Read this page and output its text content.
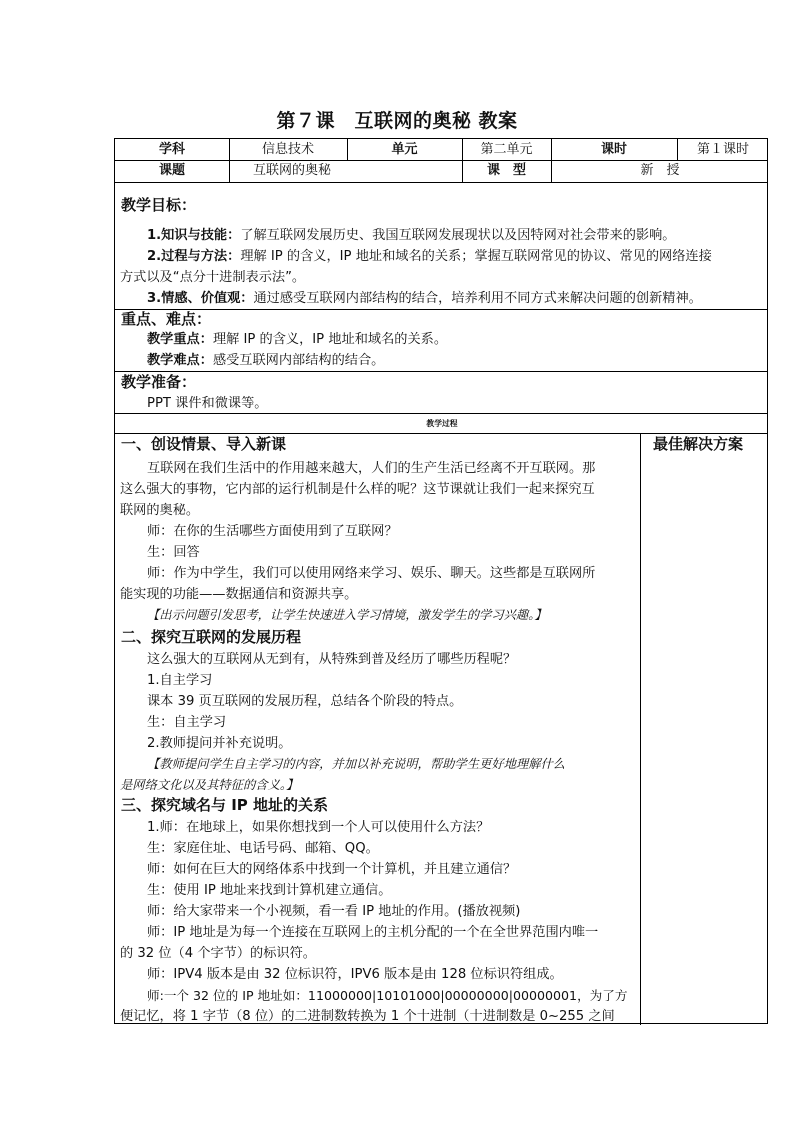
第７课　互联网的奥秘 教案
学科	信息技术	单元	第二单元	课时	第１课时
课题	互联网的奥秘	课　型	新　授
教学目标：
1.知识与技能：了解互联网发展历史、我国互联网发展现状以及因特网对社会带来的影响。
2.过程与方法：理解 IP 的含义，IP 地址和域名的关系；掌握互联网常见的协议、常见的网络连接
方式以及“点分十进制表示法”。
3.情感、价值观：通过感受互联网内部结构的结合，培养利用不同方式来解决问题的创新精神。
重点、难点：
教学重点：理解 IP 的含义，IP 地址和域名的关系。
教学难点：感受互联网内部结构的结合。
教学准备：
PPT 课件和微课等。
教学过程
最佳解决方案
一、创设情景、导入新课
互联网在我们生活中的作用越来越大，人们的生产生活已经离不开互联网。那
这么强大的事物，它内部的运行机制是什么样的呢？这节课就让我们一起来探究互
联网的奥秘。
师：在你的生活哪些方面使用到了互联网？
生：回答
师：作为中学生，我们可以使用网络来学习、娱乐、聊天。这些都是互联网所
能实现的功能——数据通信和资源共享。
【出示问题引发思考，让学生快速进入学习情境，激发学生的学习兴趣。】
二、探究互联网的发展历程
这么强大的互联网从无到有，从特殊到普及经历了哪些历程呢？
1.自主学习
课本 39 页互联网的发展历程，总结各个阶段的特点。
生：自主学习
2.教师提问并补充说明。
【教师提问学生自主学习的内容，并加以补充说明，帮助学生更好地理解什么
是网络文化以及其特征的含义。】
三、探究域名与 IP 地址的关系
1.师：在地球上，如果你想找到一个人可以使用什么方法？
生：家庭住址、电话号码、邮箱、QQ。
师：如何在巨大的网络体系中找到一个计算机，并且建立通信？
生：使用 IP 地址来找到计算机建立通信。
师：给大家带来一个小视频，看一看 IP 地址的作用。(播放视频)
师：IP 地址是为每一个连接在互联网上的主机分配的一个在全世界范围内唯一
的 32 位（4 个字节）的标识符。
师：IPV4 版本是由 32 位标识符，IPV6 版本是由 128 位标识符组成。
师:一个 32 位的 IP 地址如：11000000|10101000|00000000|00000001，为了方
便记忆，将 1 字节（8 位）的二进制数转换为 1 个十进制（十进制数是 0~255 之间
